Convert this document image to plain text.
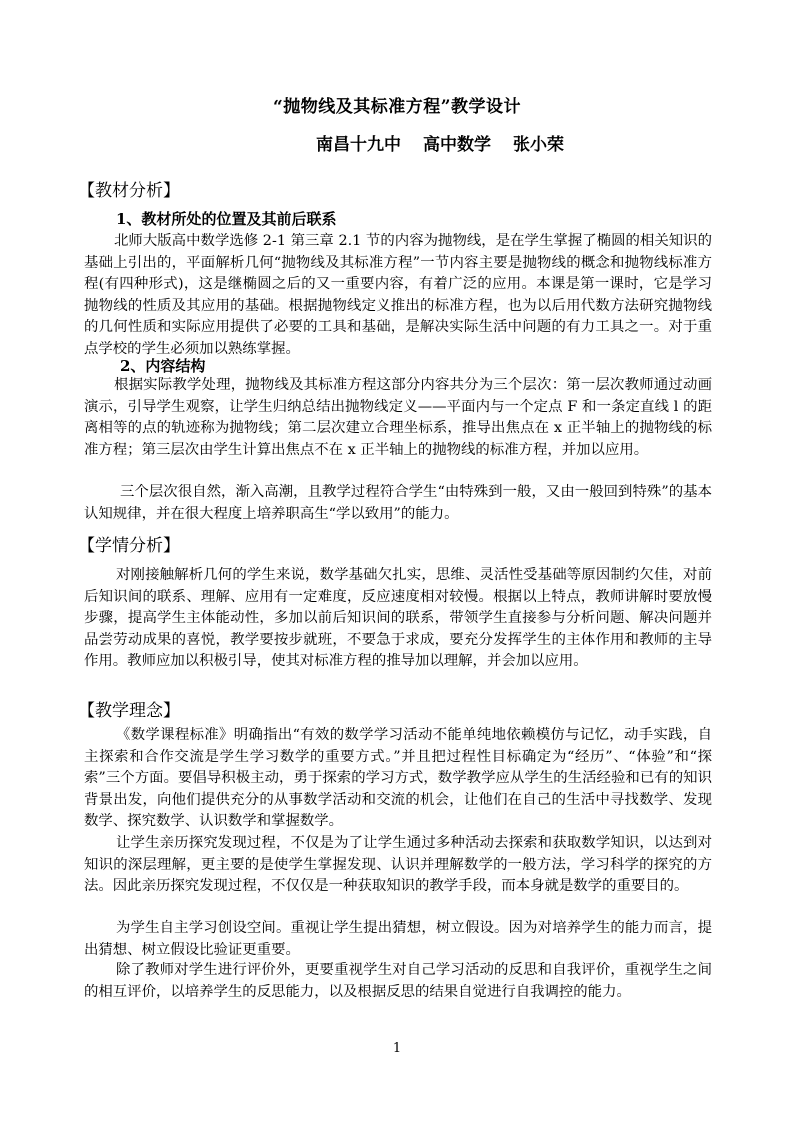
“抛物线及其标准方程”教学设计
南昌十九中 高中数学 张小荣
【教材分析】
1、教材所处的位置及其前后联系
北师大版高中数学选修 2-1 第三章 2.1 节的内容为抛物线，是在学生掌握了椭圆的相关知识的基础上引出的，平面解析几何“抛物线及其标准方程”一节内容主要是抛物线的概念和抛物线标准方程(有四种形式)，这是继椭圆之后的又一重要内容，有着广泛的应用。本课是第一课时，它是学习抛物线的性质及其应用的基础。根据抛物线定义推出的标准方程，也为以后用代数方法研究抛物线的几何性质和实际应用提供了必要的工具和基础，是解决实际生活中问题的有力工具之一。对于重点学校的学生必须加以熟练掌握。
2、内容结构
根据实际教学处理，抛物线及其标准方程这部分内容共分为三个层次：第一层次教师通过动画演示，引导学生观察，让学生归纳总结出抛物线定义——平面内与一个定点 F 和一条定直线 l 的距离相等的点的轨迹称为抛物线；第二层次建立合理坐标系，推导出焦点在 x 正半轴上的抛物线的标准方程；第三层次由学生计算出焦点不在 x 正半轴上的抛物线的标准方程，并加以应用。
三个层次很自然，渐入高潮，且教学过程符合学生“由特殊到一般，又由一般回到特殊”的基本认知规律，并在很大程度上培养职高生“学以致用”的能力。
【学情分析】
对刚接触解析几何的学生来说，数学基础欠扎实，思维、灵活性受基础等原因制约欠佳，对前后知识间的联系、理解、应用有一定难度，反应速度相对较慢。根据以上特点，教师讲解时要放慢步骤，提高学生主体能动性，多加以前后知识间的联系，带领学生直接参与分析问题、解决问题并品尝劳动成果的喜悦，教学要按步就班，不要急于求成，要充分发挥学生的主体作用和教师的主导作用。教师应加以积极引导，使其对标准方程的推导加以理解，并会加以应用。
【教学理念】
《数学课程标准》明确指出“有效的数学学习活动不能单纯地依赖模仿与记忆，动手实践，自主探索和合作交流是学生学习数学的重要方式。”并且把过程性目标确定为“经历”、“体验”和“探索”三个方面。要倡导积极主动，勇于探索的学习方式，数学教学应从学生的生活经验和已有的知识背景出发，向他们提供充分的从事数学活动和交流的机会，让他们在自己的生活中寻找数学、发现数学、探究数学、认识数学和掌握数学。
让学生亲历探究发现过程，不仅是为了让学生通过多种活动去探索和获取数学知识，以达到对知识的深层理解，更主要的是使学生掌握发现、认识并理解数学的一般方法，学习科学的探究的方法。因此亲历探究发现过程，不仅仅是一种获取知识的教学手段，而本身就是数学的重要目的。
为学生自主学习创设空间。重视让学生提出猜想，树立假设。因为对培养学生的能力而言，提出猜想、树立假设比验证更重要。
除了教师对学生进行评价外，更要重视学生对自己学习活动的反思和自我评价，重视学生之间的相互评价，以培养学生的反思能力，以及根据反思的结果自觉进行自我调控的能力。
1
